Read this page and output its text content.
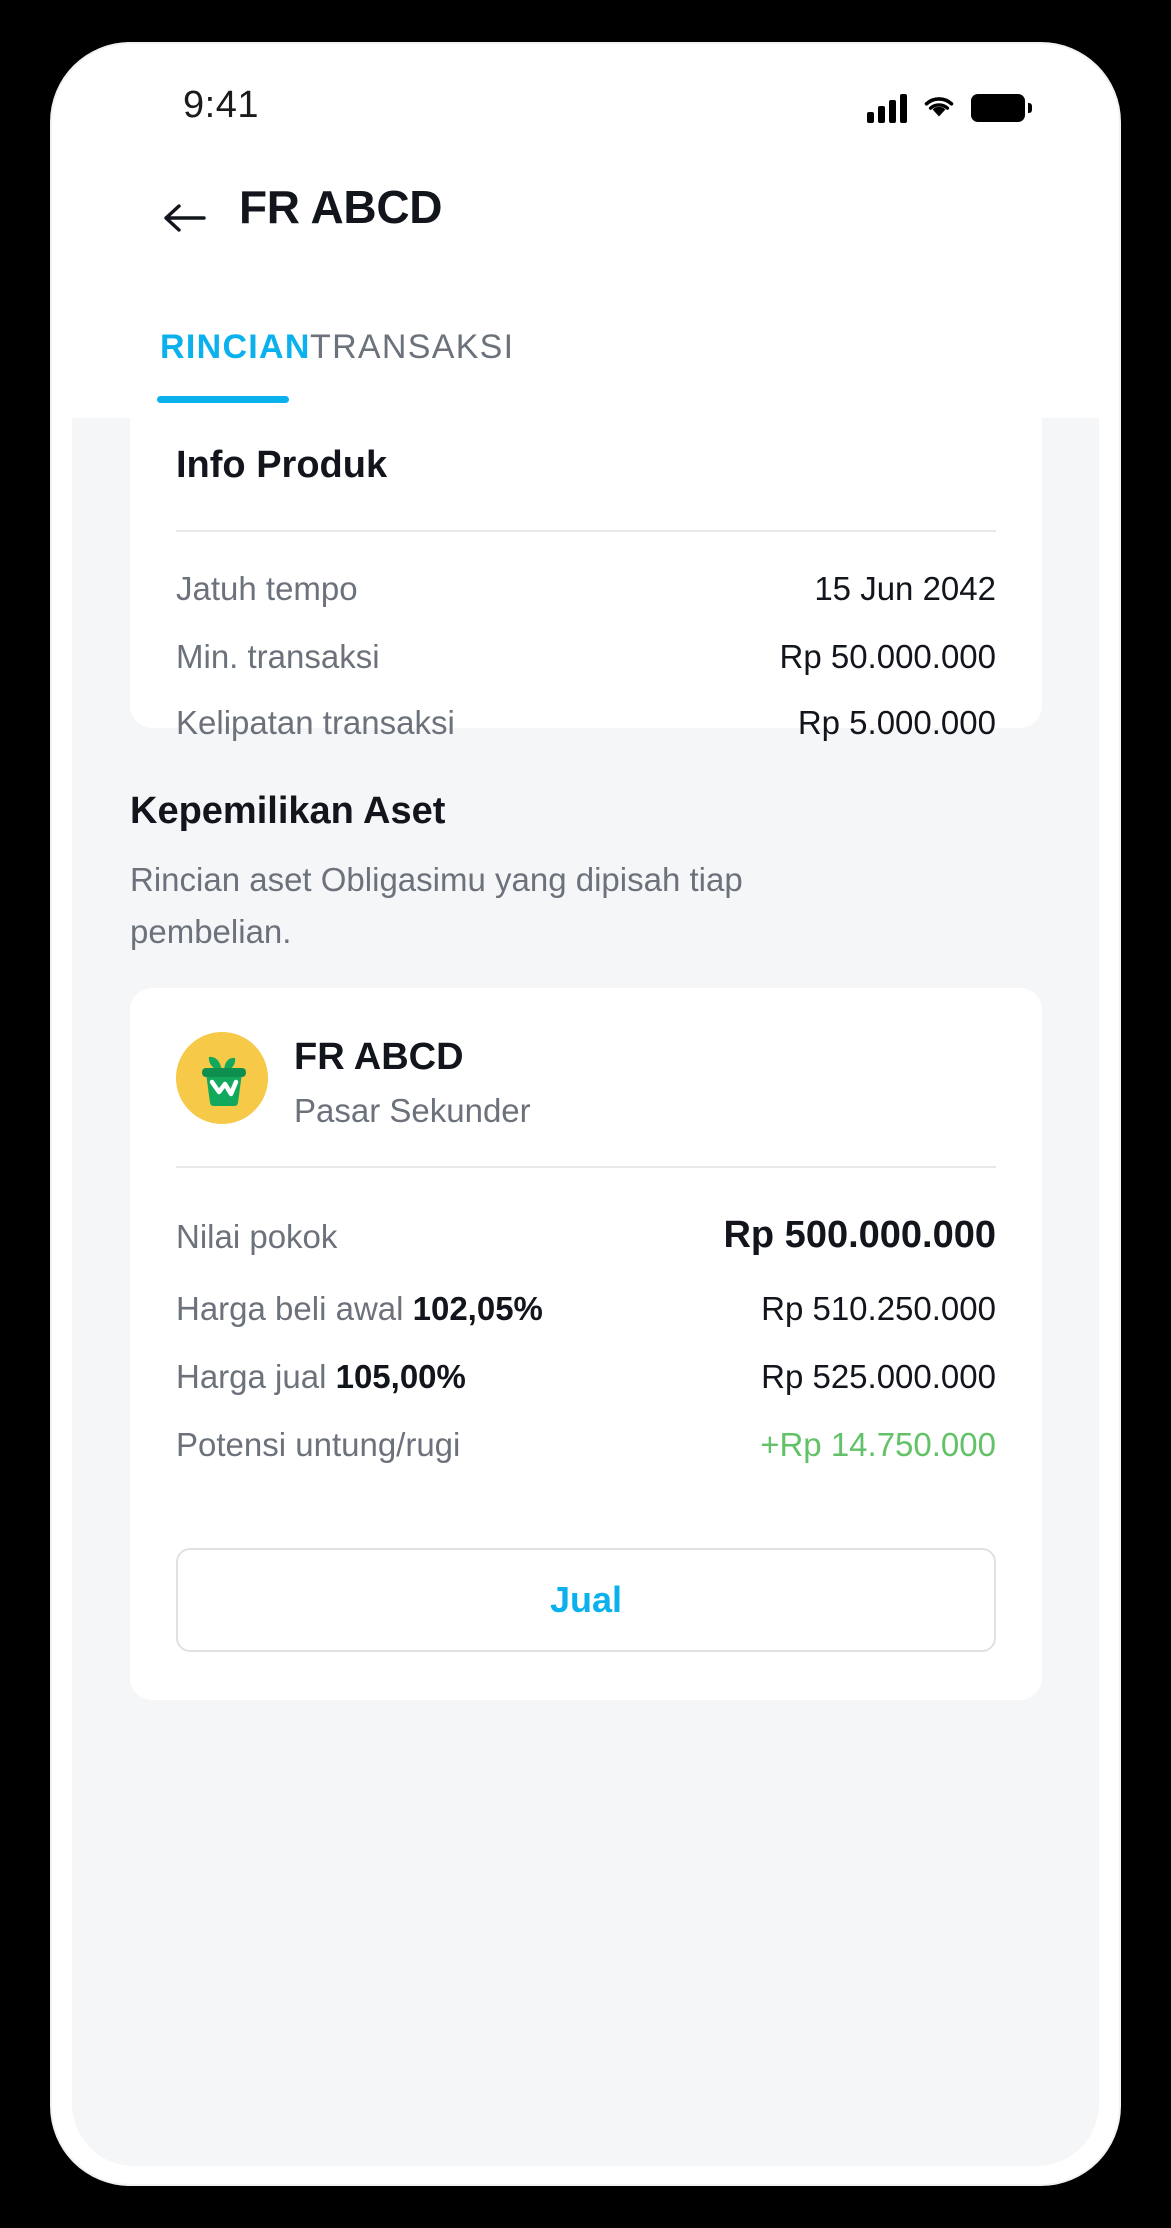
9:41
FR ABCD
RINCIAN TRANSAKSI
Info Produk
Jatuh tempo	15 Jun 2042
Min. transaksi	Rp 50.000.000
Kelipatan transaksi	Rp 5.000.000
Kepemilikan Aset
Rincian aset Obligasimu yang dipisah tiap pembelian.
FR ABCD
Pasar Sekunder
Nilai pokok	Rp 500.000.000
Harga beli awal 102,05%	Rp 510.250.000
Harga jual 105,00%	Rp 525.000.000
Potensi untung/rugi	+Rp 14.750.000
Jual
